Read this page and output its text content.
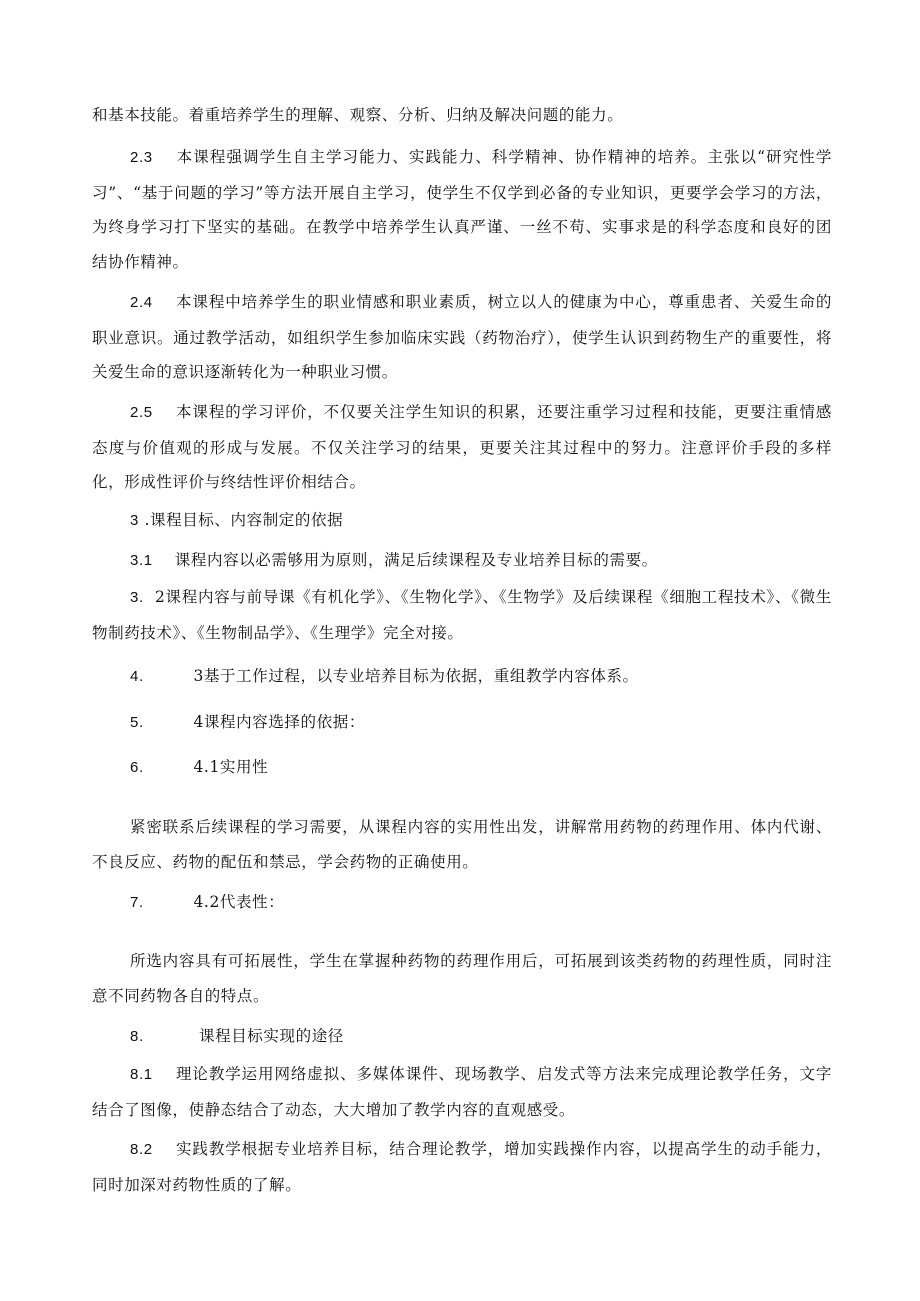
和基本技能。着重培养学生的理解、观察、分析、归纳及解决问题的能力。

2.3 本课程强调学生自主学习能力、实践能力、科学精神、协作精神的培养。主张以“研究性学习”、“基于问题的学习”等方法开展自主学习，使学生不仅学到必备的专业知识，更要学会学习的方法，为终身学习打下坚实的基础。在教学中培养学生认真严谨、一丝不苟、实事求是的科学态度和良好的团结协作精神。

2.4 本课程中培养学生的职业情感和职业素质，树立以人的健康为中心，尊重患者、关爱生命的职业意识。通过教学活动，如组织学生参加临床实践（药物治疗），使学生认识到药物生产的重要性，将关爱生命的意识逐渐转化为一种职业习惯。

2.5 本课程的学习评价，不仅要关注学生知识的积累，还要注重学习过程和技能，更要注重情感态度与价值观的形成与发展。不仅关注学习的结果，更要关注其过程中的努力。注意评价手段的多样化，形成性评价与终结性评价相结合。

3 .课程目标、内容制定的依据

3.1 课程内容以必需够用为原则，满足后续课程及专业培养目标的需要。

3. 2课程内容与前导课《有机化学》、《生物化学》、《生物学》及后续课程《细胞工程技术》、《微生物制药技术》、《生物制品学》、《生理学》完全对接。

4.	3基于工作过程，以专业培养目标为依据，重组教学内容体系。

5.	4课程内容选择的依据：

6.	4.1实用性

紧密联系后续课程的学习需要，从课程内容的实用性出发，讲解常用药物的药理作用、体内代谢、不良反应、药物的配伍和禁忌，学会药物的正确使用。

7.	4.2代表性：

所选内容具有可拓展性，学生在掌握种药物的药理作用后，可拓展到该类药物的药理性质，同时注意不同药物各自的特点。

8.	课程目标实现的途径

8.1 理论教学运用网络虚拟、多媒体课件、现场教学、启发式等方法来完成理论教学任务，文字结合了图像，使静态结合了动态，大大增加了教学内容的直观感受。

8.2 实践教学根据专业培养目标，结合理论教学，增加实践操作内容，以提高学生的动手能力，同时加深对药物性质的了解。
